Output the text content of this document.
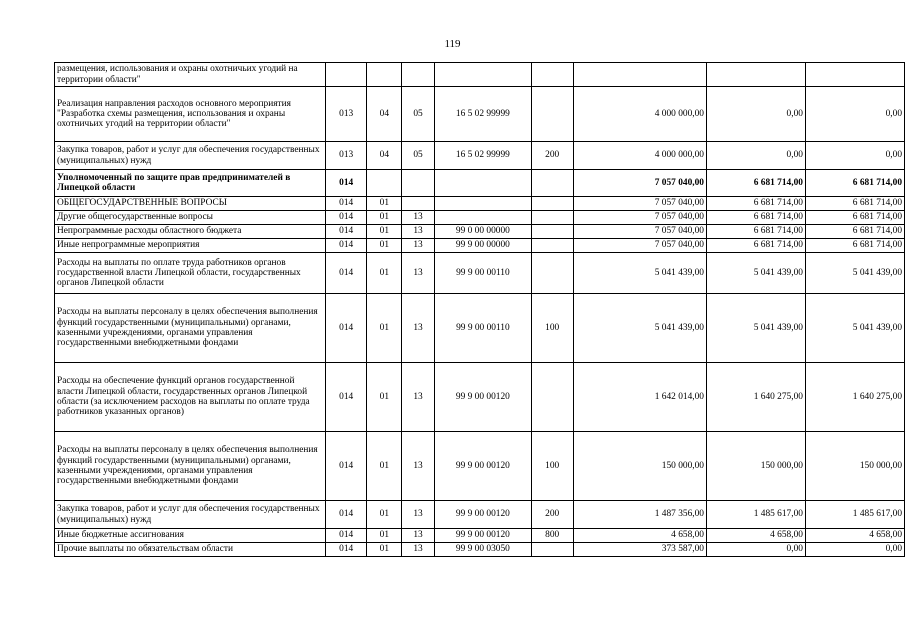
119
размещения, использования и охраны охотничьих угодий на территории области"								
Реализация направления расходов основного мероприятия "Разработка схемы размещения, использования и охраны охотничьих угодий на территории области"	013	04	05	16 5 02 99999		4 000 000,00	0,00	0,00
Закупка товаров, работ и услуг для обеспечения государственных (муниципальных) нужд	013	04	05	16 5 02 99999	200	4 000 000,00	0,00	0,00
Уполномоченный по защите прав предпринимателей в Липецкой области	014					7 057 040,00	6 681 714,00	6 681 714,00
ОБЩЕГОСУДАРСТВЕННЫЕ ВОПРОСЫ	014	01				7 057 040,00	6 681 714,00	6 681 714,00
Другие общегосударственные вопросы	014	01	13			7 057 040,00	6 681 714,00	6 681 714,00
Непрограммные расходы областного бюджета	014	01	13	99 0 00 00000		7 057 040,00	6 681 714,00	6 681 714,00
Иные непрограммные мероприятия	014	01	13	99 9 00 00000		7 057 040,00	6 681 714,00	6 681 714,00
Расходы на выплаты по оплате труда работников органов государственной власти Липецкой области, государственных органов Липецкой области	014	01	13	99 9 00 00110		5 041 439,00	5 041 439,00	5 041 439,00
Расходы на выплаты персоналу в целях обеспечения выполнения функций государственными (муниципальными) органами, казенными учреждениями, органами управления государственными внебюджетными фондами	014	01	13	99 9 00 00110	100	5 041 439,00	5 041 439,00	5 041 439,00
Расходы на обеспечение функций органов государственной власти Липецкой области, государственных органов Липецкой области (за исключением расходов на выплаты по оплате труда работников указанных органов)	014	01	13	99 9 00 00120		1 642 014,00	1 640 275,00	1 640 275,00
Расходы на выплаты персоналу в целях обеспечения выполнения функций государственными (муниципальными) органами, казенными учреждениями, органами управления государственными внебюджетными фондами	014	01	13	99 9 00 00120	100	150 000,00	150 000,00	150 000,00
Закупка товаров, работ и услуг для обеспечения государственных (муниципальных) нужд	014	01	13	99 9 00 00120	200	1 487 356,00	1 485 617,00	1 485 617,00
Иные бюджетные ассигнования	014	01	13	99 9 00 00120	800	4 658,00	4 658,00	4 658,00
Прочие выплаты по обязательствам области	014	01	13	99 9 00 03050		373 587,00	0,00	0,00
